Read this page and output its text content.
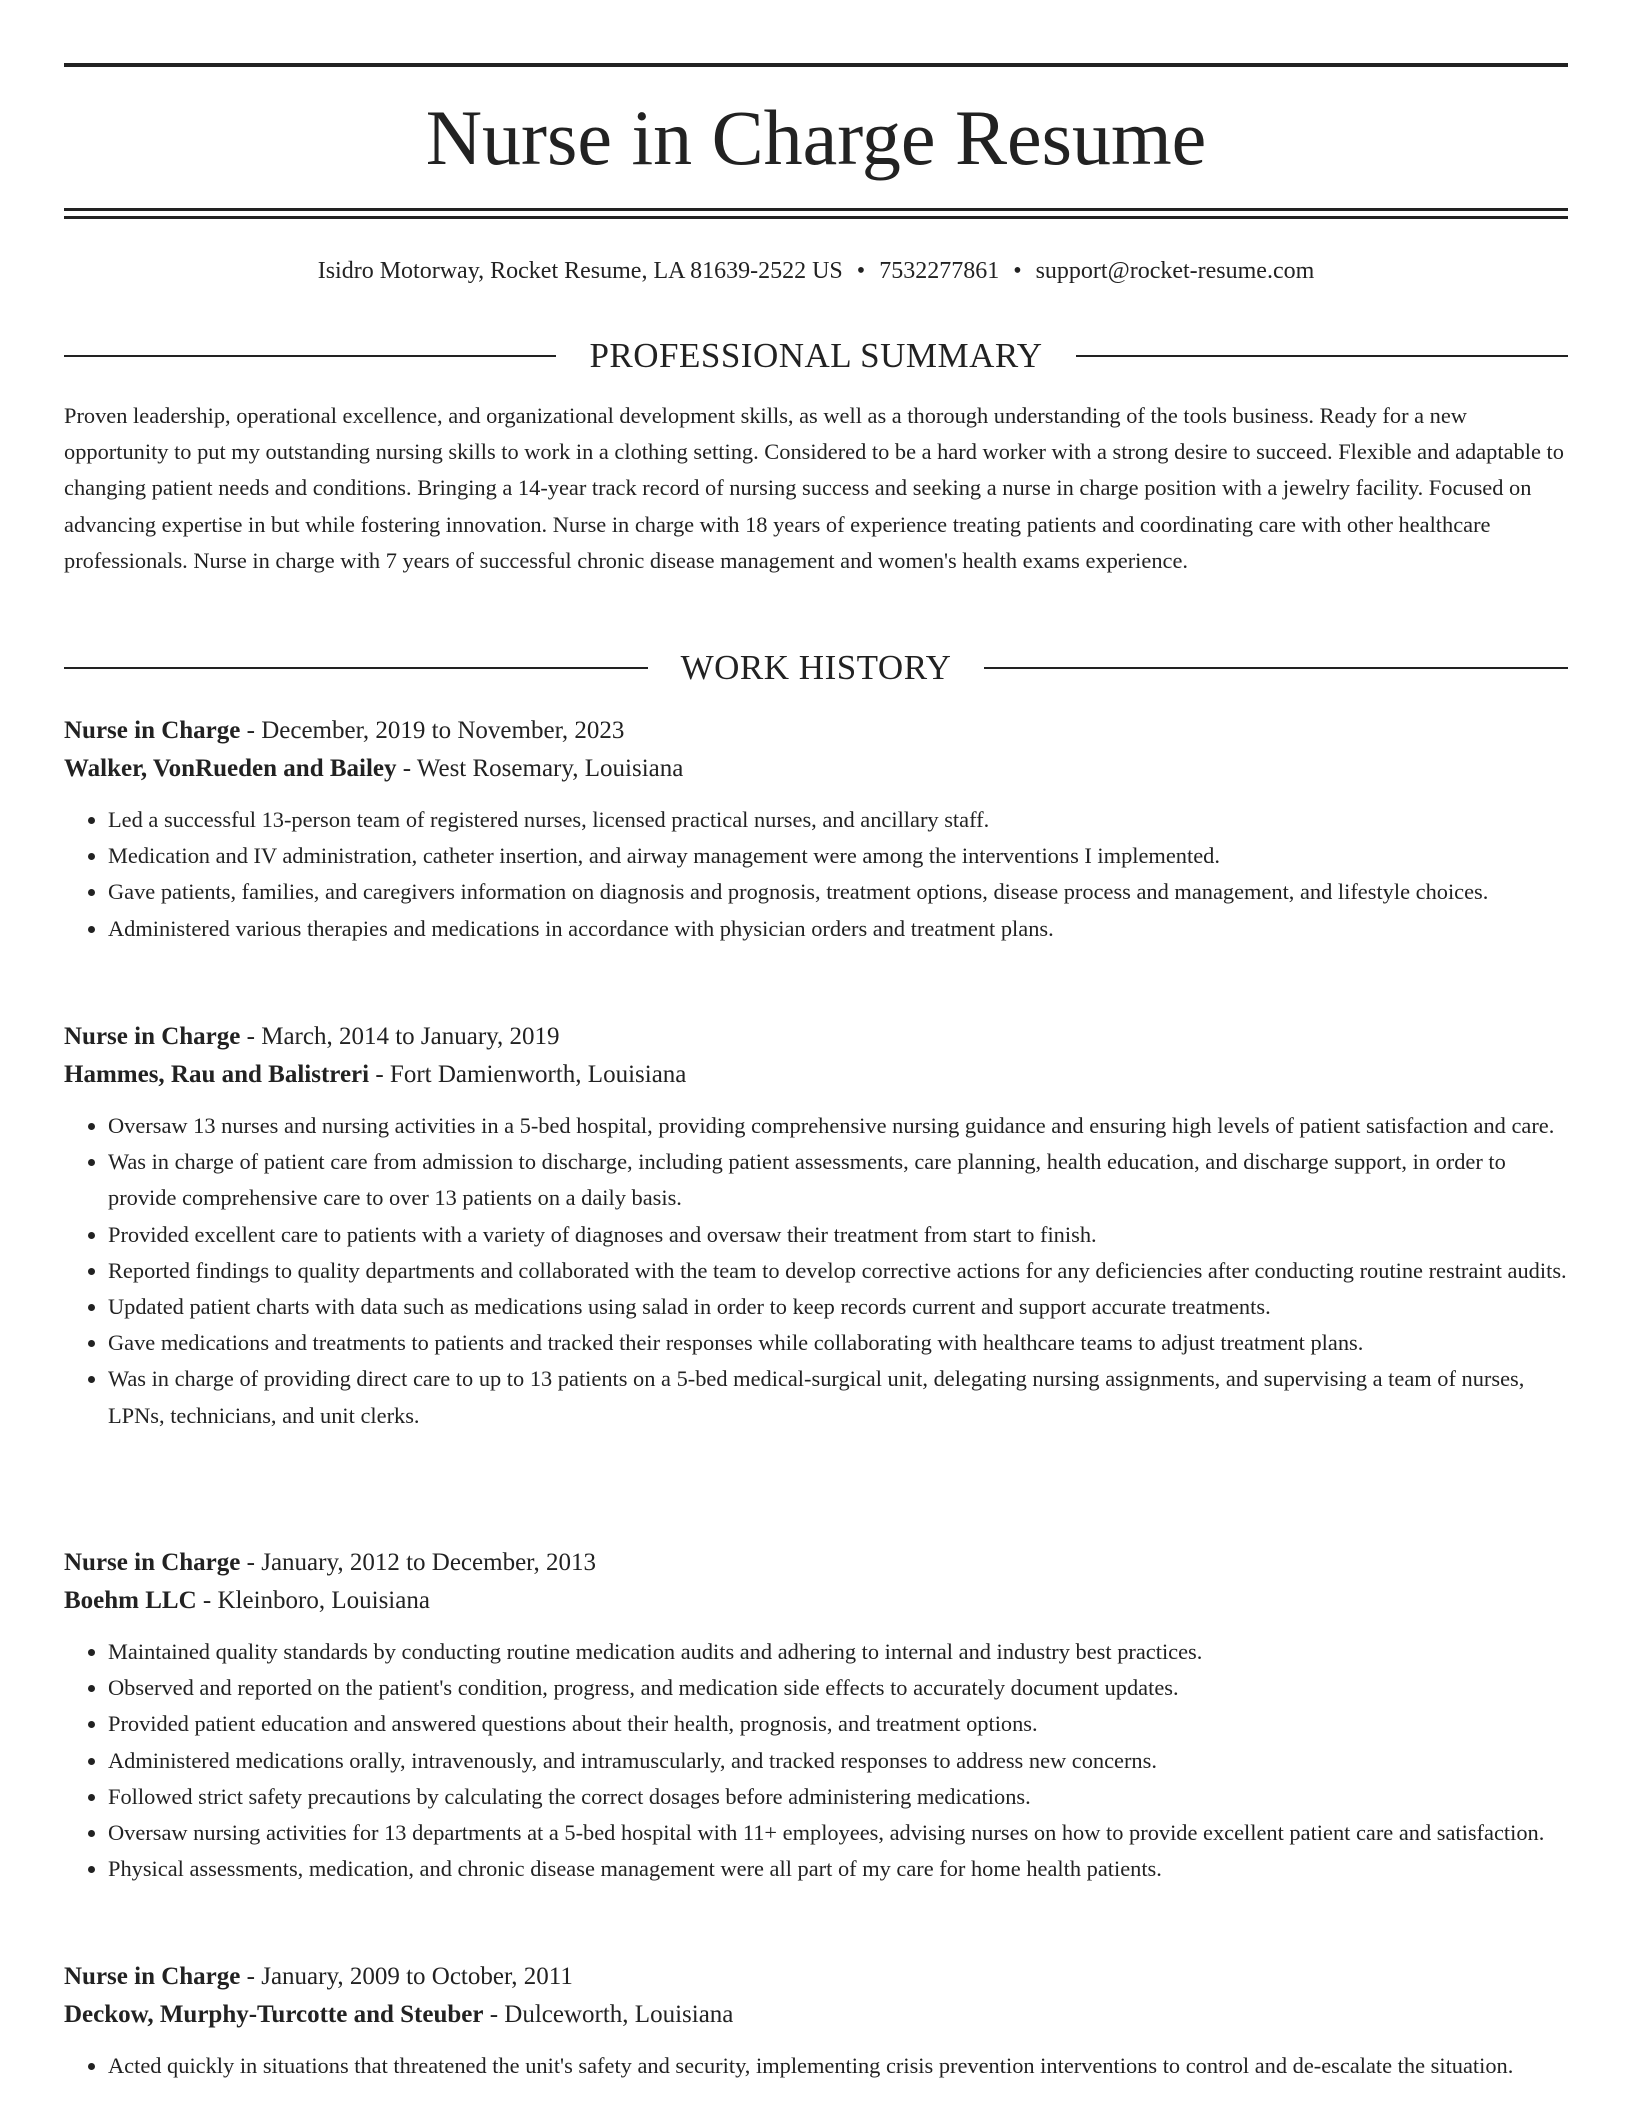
Nurse in Charge Resume
Isidro Motorway, Rocket Resume, LA 81639-2522 US • 7532277861 • support@rocket-resume.com
PROFESSIONAL SUMMARY

Proven leadership, operational excellence, and organizational development skills, as well as a thorough understanding of the tools business. Ready for a new opportunity to put my outstanding nursing skills to work in a clothing setting. Considered to be a hard worker with a strong desire to succeed. Flexible and adaptable to changing patient needs and conditions. Bringing a 14-year track record of nursing success and seeking a nurse in charge position with a jewelry facility. Focused on advancing expertise in but while fostering innovation. Nurse in charge with 18 years of experience treating patients and coordinating care with other healthcare professionals. Nurse in charge with 7 years of successful chronic disease management and women's health exams experience.

WORK HISTORY
Nurse in Charge - December, 2019 to November, 2023
Walker, VonRueden and Bailey - West Rosemary, Louisiana
• Led a successful 13-person team of registered nurses, licensed practical nurses, and ancillary staff.
• Medication and IV administration, catheter insertion, and airway management were among the interventions I implemented.
• Gave patients, families, and caregivers information on diagnosis and prognosis, treatment options, disease process and management, and lifestyle choices.
• Administered various therapies and medications in accordance with physician orders and treatment plans.
Nurse in Charge - March, 2014 to January, 2019
Hammes, Rau and Balistreri - Fort Damienworth, Louisiana
• Oversaw 13 nurses and nursing activities in a 5-bed hospital, providing comprehensive nursing guidance and ensuring high levels of patient satisfaction and care.
• Was in charge of patient care from admission to discharge, including patient assessments, care planning, health education, and discharge support, in order to provide comprehensive care to over 13 patients on a daily basis.
• Provided excellent care to patients with a variety of diagnoses and oversaw their treatment from start to finish.
• Reported findings to quality departments and collaborated with the team to develop corrective actions for any deficiencies after conducting routine restraint audits.
• Updated patient charts with data such as medications using salad in order to keep records current and support accurate treatments.
• Gave medications and treatments to patients and tracked their responses while collaborating with healthcare teams to adjust treatment plans.
• Was in charge of providing direct care to up to 13 patients on a 5-bed medical-surgical unit, delegating nursing assignments, and supervising a team of nurses, LPNs, technicians, and unit clerks.
Nurse in Charge - January, 2012 to December, 2013
Boehm LLC - Kleinboro, Louisiana
• Maintained quality standards by conducting routine medication audits and adhering to internal and industry best practices.
• Observed and reported on the patient's condition, progress, and medication side effects to accurately document updates.
• Provided patient education and answered questions about their health, prognosis, and treatment options.
• Administered medications orally, intravenously, and intramuscularly, and tracked responses to address new concerns.
• Followed strict safety precautions by calculating the correct dosages before administering medications.
• Oversaw nursing activities for 13 departments at a 5-bed hospital with 11+ employees, advising nurses on how to provide excellent patient care and satisfaction.
• Physical assessments, medication, and chronic disease management were all part of my care for home health patients.
Nurse in Charge - January, 2009 to October, 2011
Deckow, Murphy-Turcotte and Steuber - Dulceworth, Louisiana
• Acted quickly in situations that threatened the unit's safety and security, implementing crisis prevention interventions to control and de-escalate the situation.
